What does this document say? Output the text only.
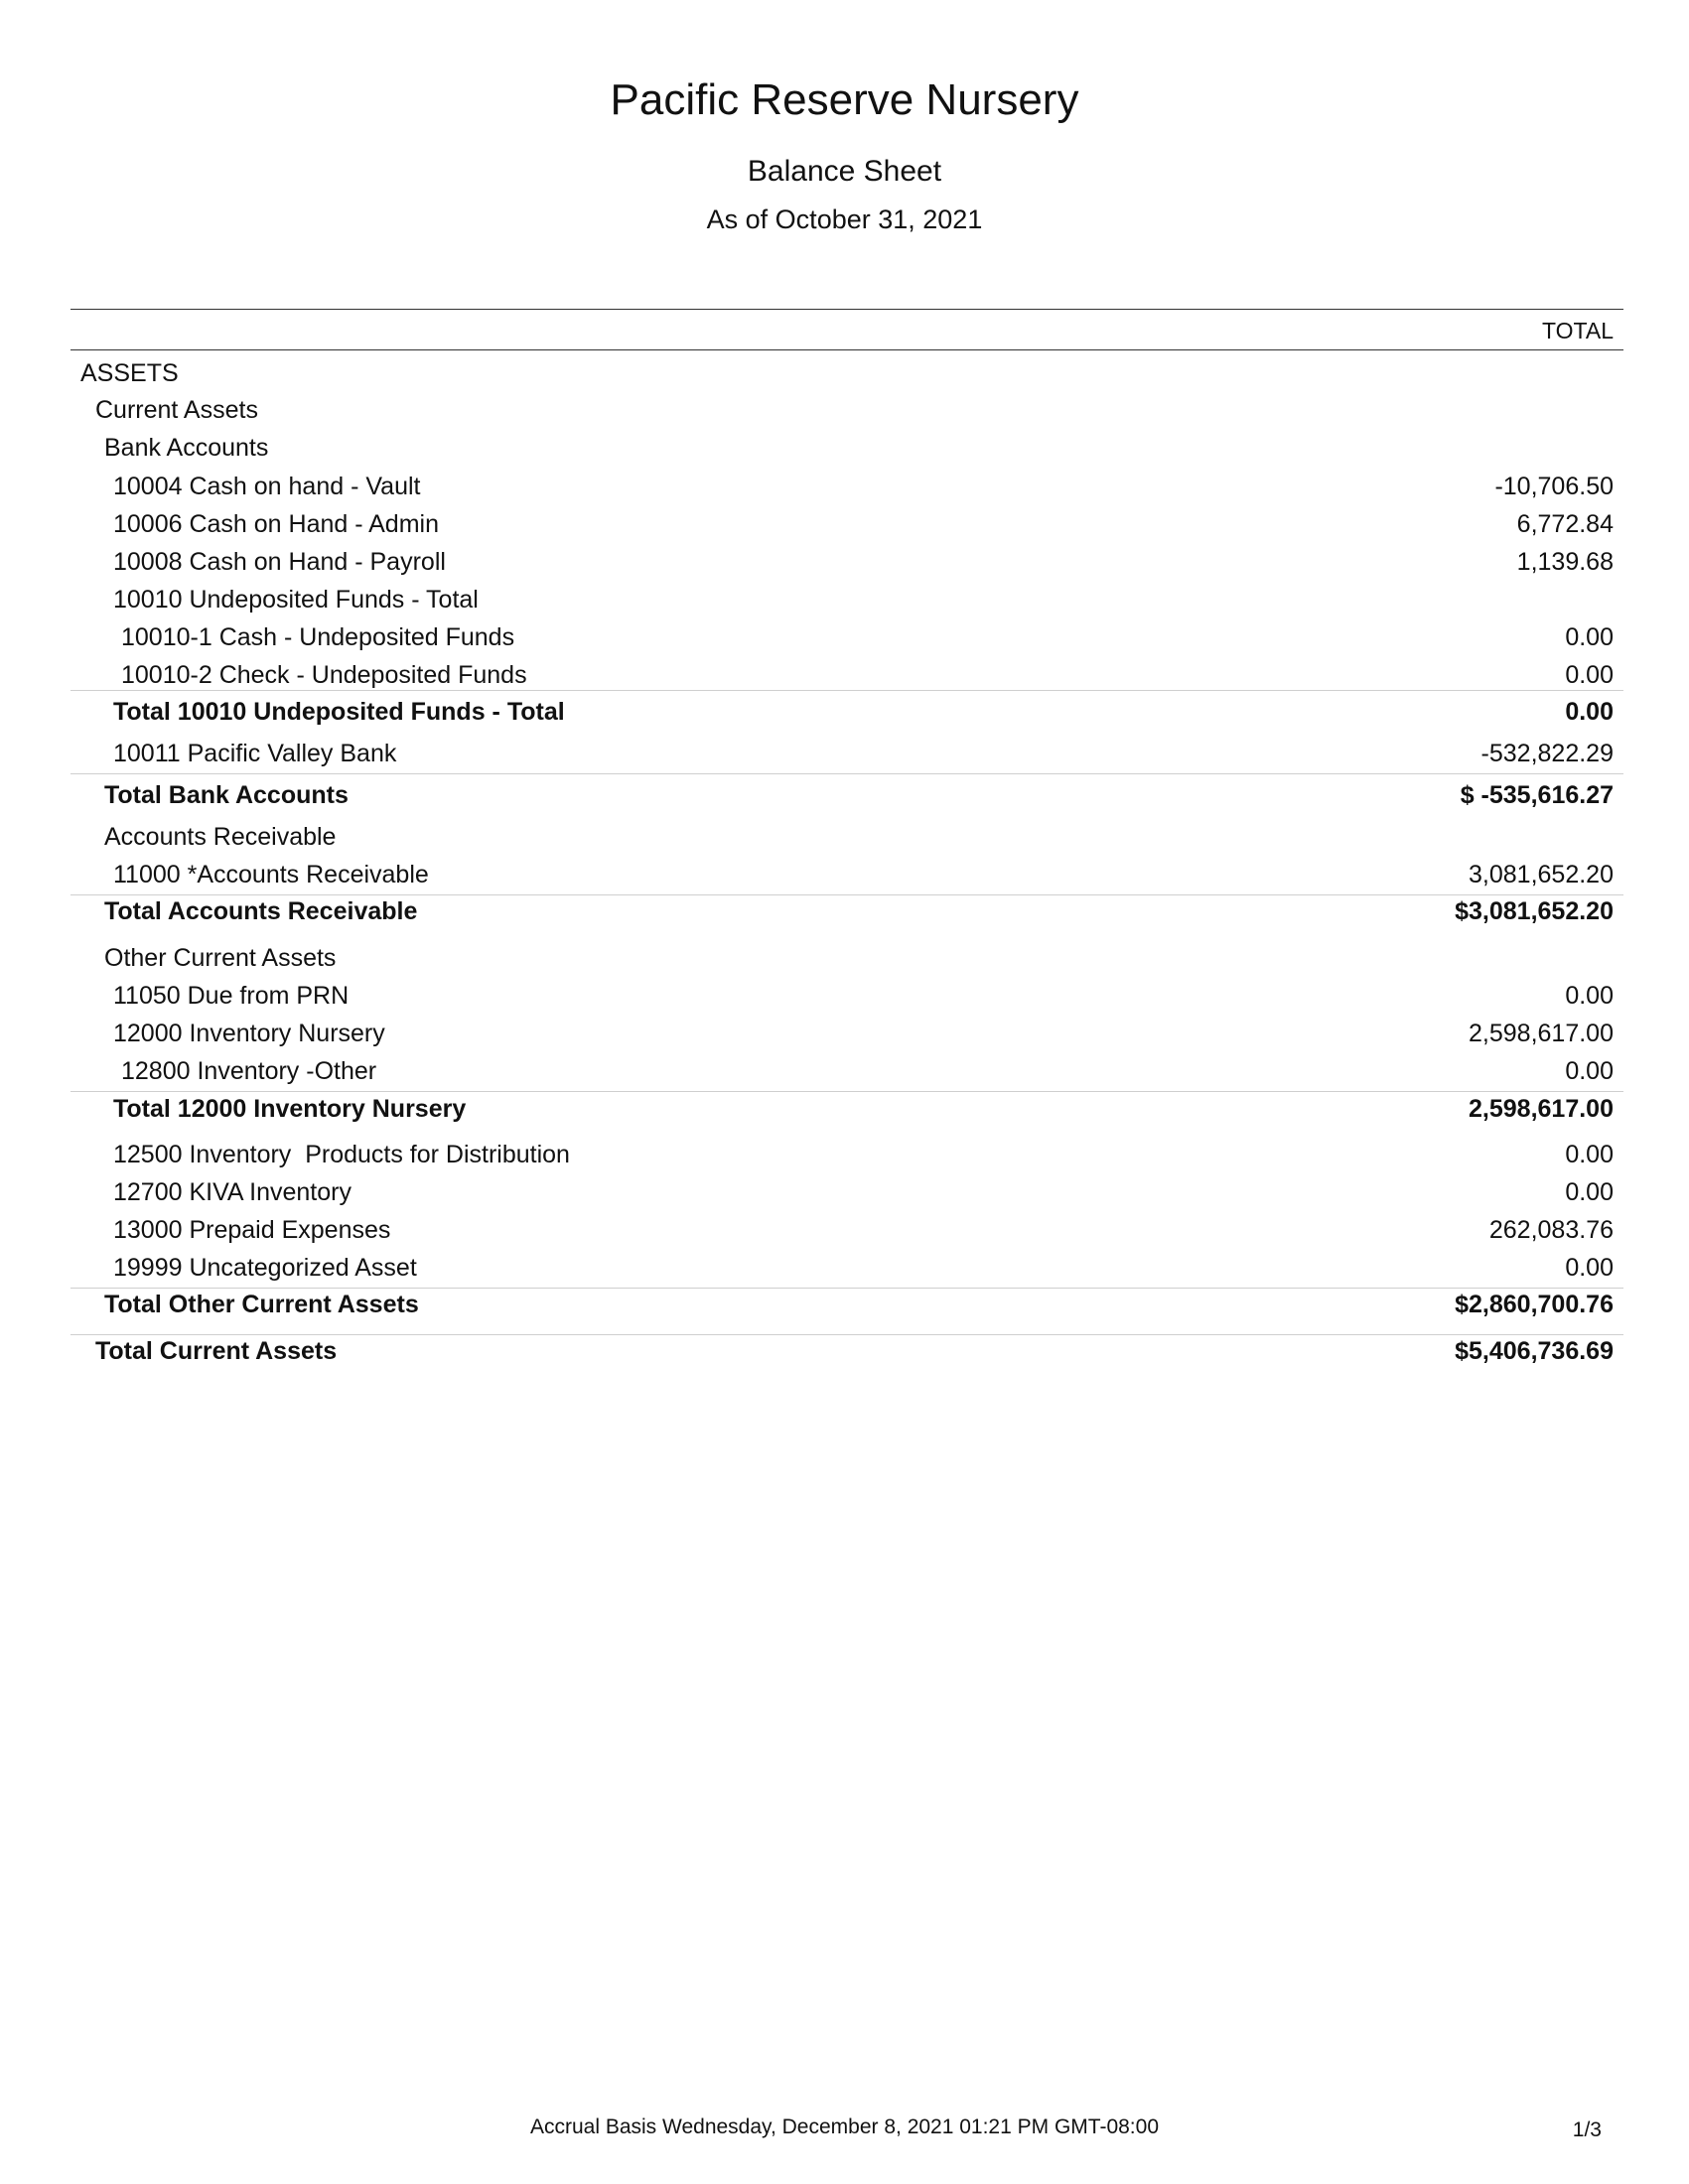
Pacific Reserve Nursery
Balance Sheet
As of October 31, 2021
TOTAL
ASSETS
Current Assets
Bank Accounts
10004 Cash on hand - Vault	-10,706.50
10006 Cash on Hand - Admin	6,772.84
10008 Cash on Hand - Payroll	1,139.68
10010 Undeposited Funds - Total
10010-1 Cash - Undeposited Funds	0.00
10010-2 Check - Undeposited Funds	0.00
Total 10010 Undeposited Funds - Total	0.00
10011 Pacific Valley Bank	-532,822.29
Total Bank Accounts	$ -535,616.27
Accounts Receivable
11000 *Accounts Receivable	3,081,652.20
Total Accounts Receivable	$3,081,652.20
Other Current Assets
11050 Due from PRN	0.00
12000 Inventory Nursery	2,598,617.00
12800 Inventory -Other	0.00
Total 12000 Inventory Nursery	2,598,617.00
12500 Inventory  Products for Distribution	0.00
12700 KIVA Inventory	0.00
13000 Prepaid Expenses	262,083.76
19999 Uncategorized Asset	0.00
Total Other Current Assets	$2,860,700.76
Total Current Assets	$5,406,736.69
Accrual Basis Wednesday, December 8, 2021 01:21 PM GMT-08:00	1/3
